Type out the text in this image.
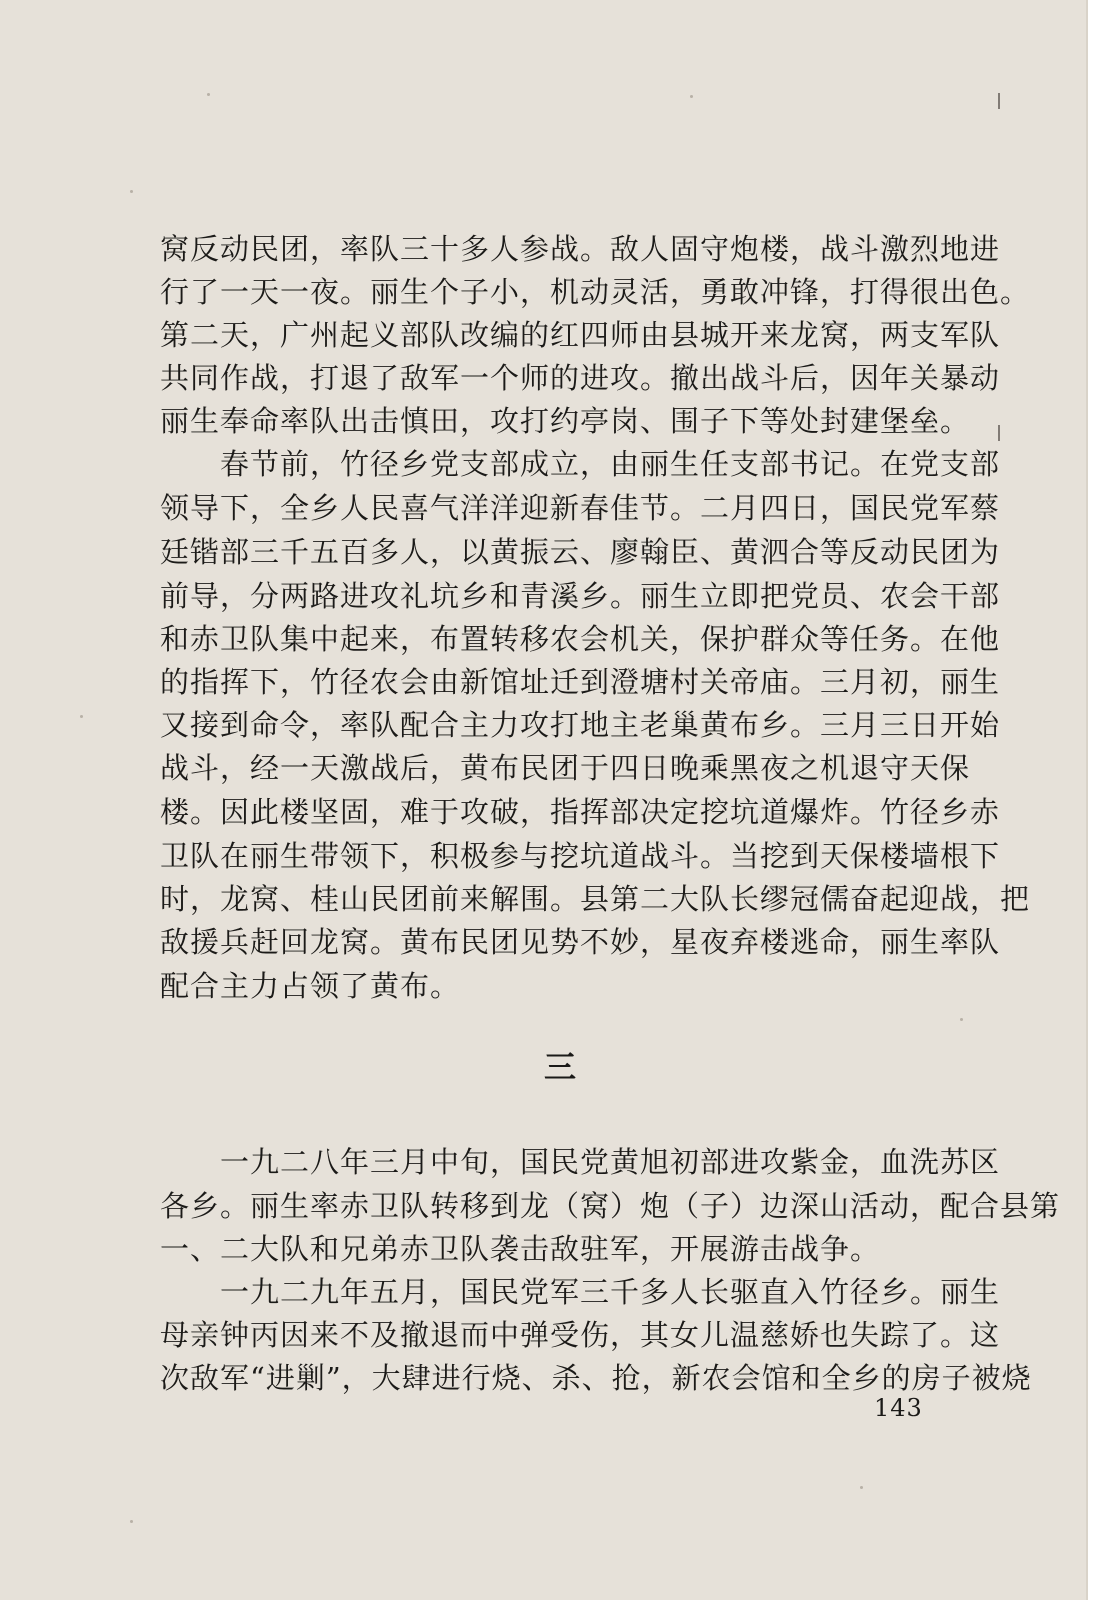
窝反动民团，率队三十多人参战。敌人固守炮楼，战斗激烈地进

行了一天一夜。丽生个子小，机动灵活，勇敢冲锋，打得很出色。

第二天，广州起义部队改编的红四师由县城开来龙窝，两支军队

共同作战，打退了敌军一个师的进攻。撤出战斗后，因年关暴动

丽生奉命率队出击慎田，攻打约亭岗、围子下等处封建堡垒。

　　春节前，竹径乡党支部成立，由丽生任支部书记。在党支部

领导下，全乡人民喜气洋洋迎新春佳节。二月四日，国民党军蔡

廷锴部三千五百多人，以黄振云、廖翰臣、黄泗合等反动民团为

前导，分两路进攻礼坑乡和青溪乡。丽生立即把党员、农会干部

和赤卫队集中起来，布置转移农会机关，保护群众等任务。在他

的指挥下，竹径农会由新馆址迁到澄塘村关帝庙。三月初，丽生

又接到命令，率队配合主力攻打地主老巢黄布乡。三月三日开始

战斗，经一天激战后，黄布民团于四日晚乘黑夜之机退守天保

楼。因此楼坚固，难于攻破，指挥部决定挖坑道爆炸。竹径乡赤

卫队在丽生带领下，积极参与挖坑道战斗。当挖到天保楼墙根下

时，龙窝、桂山民团前来解围。县第二大队长缪冠儒奋起迎战，把

敌援兵赶回龙窝。黄布民团见势不妙，星夜弃楼逃命，丽生率队

配合主力占领了黄布。

三

　　一九二八年三月中旬，国民党黄旭初部进攻紫金，血洗苏区

各乡。丽生率赤卫队转移到龙（窝）炮（子）边深山活动，配合县第

一、二大队和兄弟赤卫队袭击敌驻军，开展游击战争。

　　一九二九年五月，国民党军三千多人长驱直入竹径乡。丽生

母亲钟丙因来不及撤退而中弹受伤，其女儿温慈娇也失踪了。这

次敌军“进剿”，大肆进行烧、杀、抢，新农会馆和全乡的房子被烧

143
